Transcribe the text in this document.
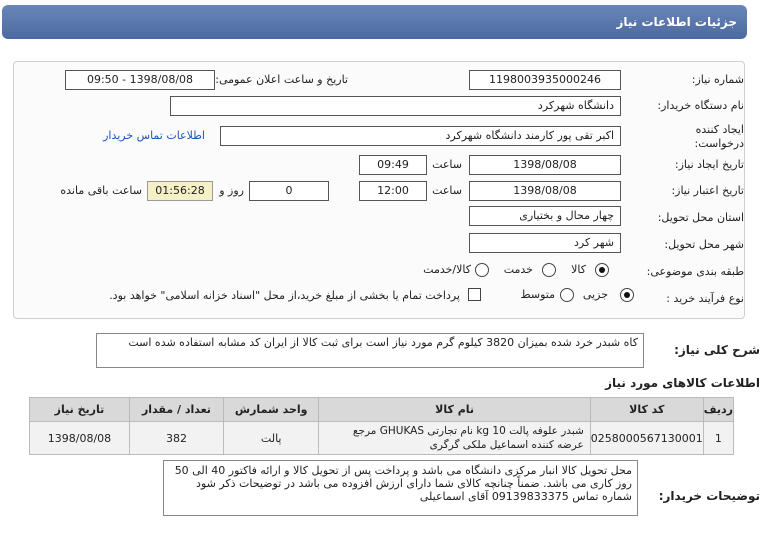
جزئیات اطلاعات نیاز
شماره نیاز:
1198003935000246
تاریخ و ساعت اعلان عمومی:
1398/08/08 - 09:50
نام دستگاه خریدار:
دانشگاه شهرکرد
ایجاد کننده
درخواست:
اکبر تقی پور کارمند دانشگاه شهرکرد
اطلاعات تماس خریدار
تاریخ ایجاد نیاز:
1398/08/08
ساعت
09:49
تاریخ اعتبار نیاز:
1398/08/08
ساعت
12:00
0
روز و
01:56:28
ساعت باقی مانده
استان محل تحویل:
چهار محال و بختیاری
شهر محل تحویل:
شهر کرد
طبقه بندی موضوعی:
کالا
خدمت
کالا/خدمت
نوع فرآیند خرید :
جزیی
متوسط
پرداخت تمام یا بخشی از مبلغ خرید،از محل "اسناد خزانه اسلامی" خواهد بود.
شرح کلی نیاز:
کاه شبدر خرد شده بمیزان 3820 کیلوم گرم مورد نیاز است برای ثبت کالا از ایران کد مشابه استفاده شده است
اطلاعات کالاهای مورد نیاز
ردیف	کد کالا	نام کالا	واحد شمارش	تعداد / مقدار	تاریخ نیاز
1	0258000567130001	شبدر علوفه پالت 10 kg نام تجارتی GHUKAS مرجع عرضه کننده اسماعیل ملکی گرگری	پالت	382	1398/08/08
توضیحات خریدار:
محل تحویل کالا انبار مرکزی دانشگاه می باشد و پرداخت پس از تحویل کالا و ارائه فاکتور 40 الی 50 روز کاری می باشد. ضمناً چنانچه کالای شما دارای ارزش افزوده می باشد در توضیحات ذکر شود شماره تماس 09139833375 آقای اسماعیلی
